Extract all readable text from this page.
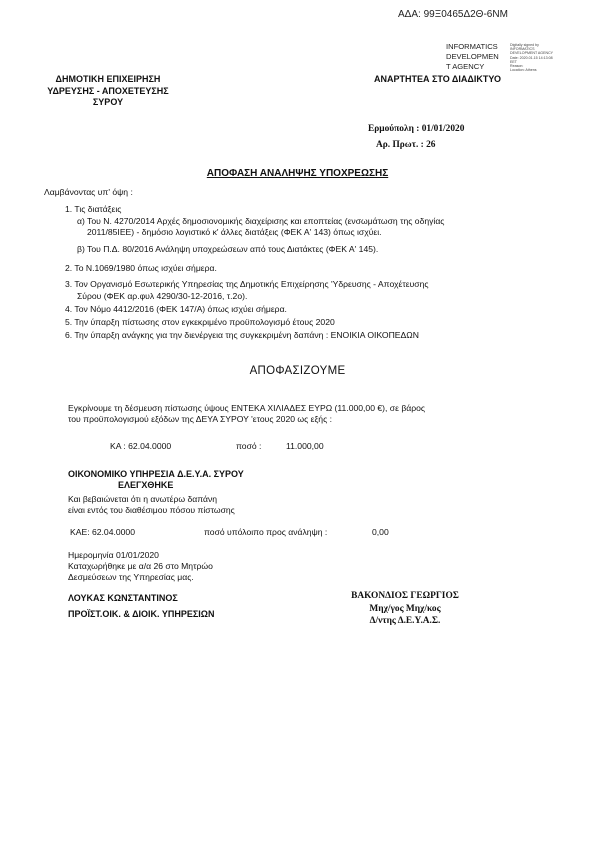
ΑΔΑ: 99Ξ0465Δ2Θ-6ΝΜ
INFORMATICS
DEVELOPMEN
T AGENCY
Digitally signed by
INFORMATICS
DEVELOPMENT AGENCY
Date: 2020.01.15 14:13:08
EET
Reason:
Location: Athens
ΔΗΜΟΤΙΚΗ ΕΠΙΧΕΙΡΗΣΗ
ΥΔΡΕΥΣΗΣ - ΑΠΟΧΕΤΕΥΣΗΣ
ΣΥΡΟΥ
ΑΝΑΡΤΗΤΕΑ ΣΤΟ ΔΙΑΔΙΚΤΥΟ
Ερμούπολη : 01/01/2020
Αρ. Πρωτ. : 26
ΑΠΟΦΑΣΗ ΑΝΑΛΗΨΗΣ ΥΠΟΧΡΕΩΣΗΣ
Λαμβάνοντας υπ' όψη :
1. Τις διατάξεις
α) Του Ν. 4270/2014 Αρχές δημοσιονομικής διαχείρισης και εποπτείας (ενσωμάτωση της οδηγίας
2011/85ΙΕΕ) - δημόσιο λογιστικό κ' άλλες διατάξεις (ΦΕΚ Α' 143) όπως ισχύει.
β) Του Π.Δ. 80/2016 Ανάληψη υποχρεώσεων από τους Διατάκτες (ΦΕΚ Α' 145).
2. Το Ν.1069/1980 όπως ισχύει σήμερα.
3. Τον Οργανισμό Εσωτερικής Υπηρεσίας της Δημοτικής Επιχείρησης 'Υδρευσης - Αποχέτευσης
Σύρου (ΦΕΚ αρ.φυλ 4290/30-12-2016, τ.2ο).
4. Τον Νόμο 4412/2016 (ΦΕΚ 147/Α) όπως ισχύει σήμερα.
5. Την ύπαρξη πίστωσης στον εγκεκριμένο προϋπολογισμό έτους 2020
6. Την ύπαρξη ανάγκης για την διενέργεια της συγκεκριμένη δαπάνη : ΕΝΟΙΚΙΑ ΟΙΚΟΠΕΔΩΝ
ΑΠΟΦΑΣΙΖΟΥΜΕ
Εγκρίνουμε τη δέσμευση πίστωσης ύψους ΕΝΤΕΚΑ ΧΙΛΙΑΔΕΣ ΕΥΡΩ (11.000,00 €), σε βάρος
του προϋπολογισμού εξόδων της ΔΕΥΑ ΣΥΡΟΥ 'ετους 2020 ως εξής :
ΚΑ : 62.04.0000	ποσό :	11.000,00
ΟΙΚΟΝΟΜΙΚΟ ΥΠΗΡΕΣΙΑ Δ.Ε.Υ.Α. ΣΥΡΟΥ
ΕΛΕΓΧΘΗΚΕ
Και βεβαιώνεται ότι η ανωτέρω δαπάνη
είναι εντός του διαθέσιμου πόσου πίστωσης
ΚΑΕ: 62.04.0000	ποσό υπόλοιπο προς ανάληψη :	0,00
Ημερομηνία 01/01/2020
Καταχωρήθηκε με α/α 26 στο Μητρώο
Δεσμεύσεων της Υπηρεσίας μας.
ΛΟΥΚΑΣ ΚΩΝΣΤΑΝΤΙΝΟΣ
ΠΡΟΪΣΤ.ΟΙΚ. & ΔΙΟΙΚ. ΥΠΗΡΕΣΙΩΝ
ΒΑΚΟΝΔΙΟΣ ΓΕΩΡΓΙΟΣ
Μηχ/γος Μηχ/κος
Δ/ντης Δ.Ε.Υ.Α.Σ.
